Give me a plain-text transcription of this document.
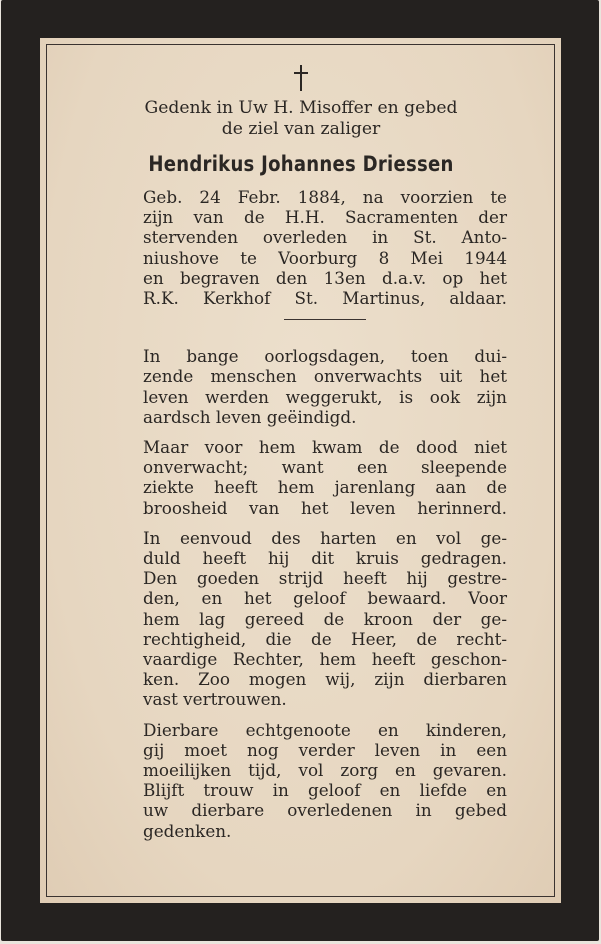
Gedenk in Uw H. Misoffer en gebed
de ziel van zaliger

Hendrikus Johannes Driessen

Geb. 24 Febr. 1884, na voorzien te
zijn van de H.H. Sacramenten der
stervenden overleden in St. Anto-
niushove te Voorburg 8 Mei 1944
en begraven den 13en d.a.v. op het
R.K. Kerkhof St. Martinus, aldaar.

In bange oorlogsdagen, toen dui-
zende menschen onverwachts uit het
leven werden weggerukt, is ook zijn
aardsch leven geëindigd.

Maar voor hem kwam de dood niet
onverwacht; want een sleepende
ziekte heeft hem jarenlang aan de
broosheid van het leven herinnerd.

In eenvoud des harten en vol ge-
duld heeft hij dit kruis gedragen.
Den goeden strijd heeft hij gestre-
den, en het geloof bewaard. Voor
hem lag gereed de kroon der ge-
rechtigheid, die de Heer, de recht-
vaardige Rechter, hem heeft geschon-
ken. Zoo mogen wij, zijn dierbaren
vast vertrouwen.

Dierbare echtgenoote en kinderen,
gij moet nog verder leven in een
moeilijken tijd, vol zorg en gevaren.
Blijft trouw in geloof en liefde en
uw dierbare overledenen in gebed
gedenken.
